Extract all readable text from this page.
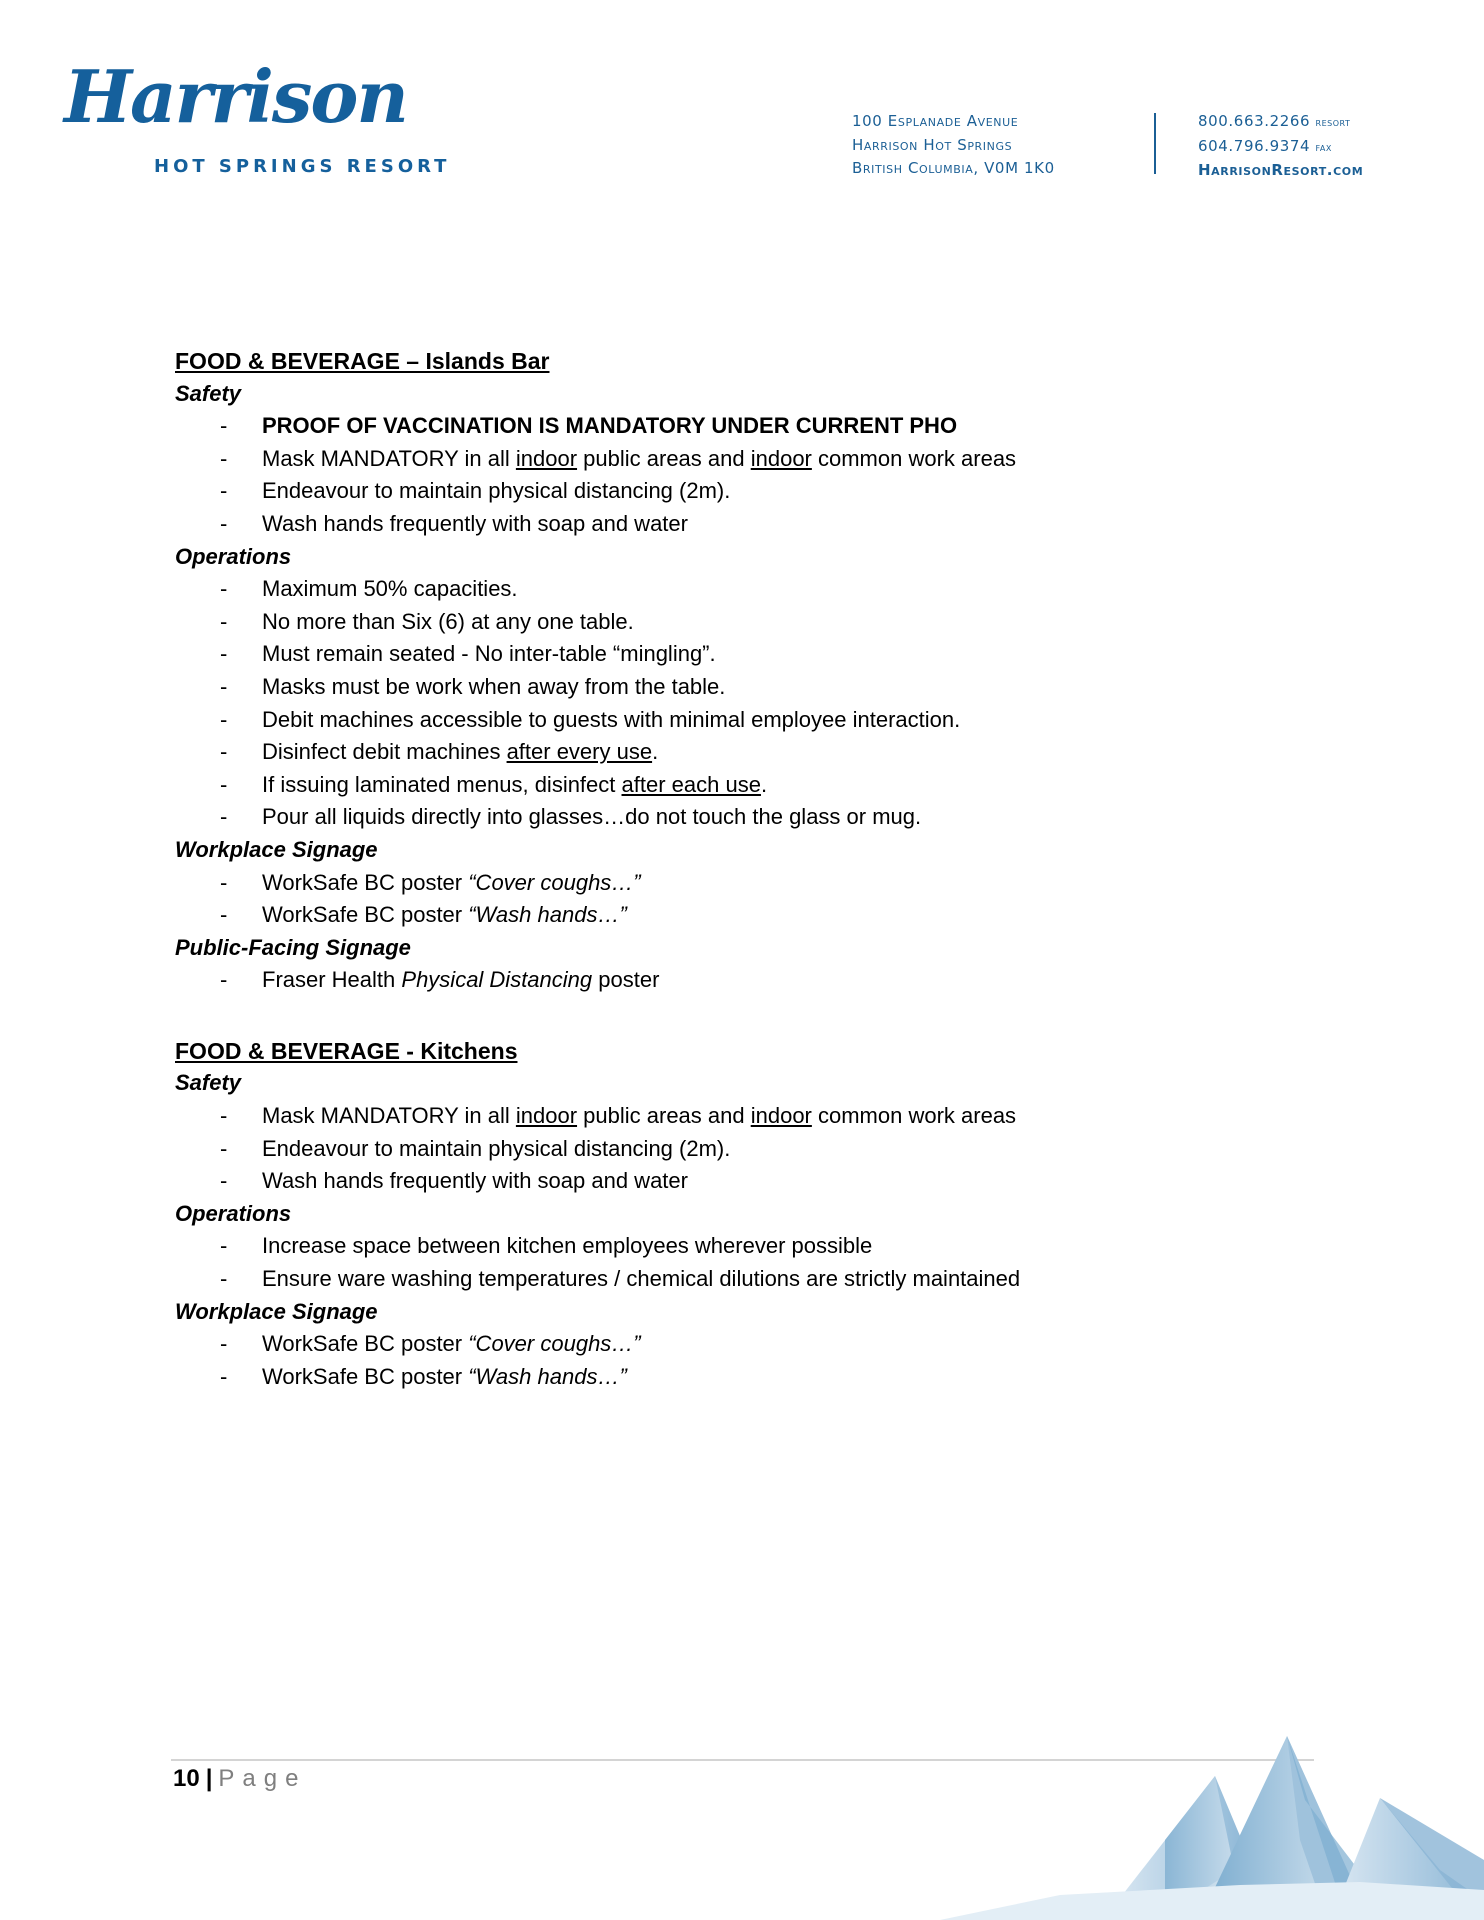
Harrison
HOT SPRINGS RESORT
100 Esplanade Avenue
Harrison Hot Springs
British Columbia, V0M 1K0
800.663.2266 resort
604.796.9374 fax
HarrisonResort.com
FOOD & BEVERAGE – Islands Bar
Safety
- PROOF OF VACCINATION IS MANDATORY UNDER CURRENT PHO
- Mask MANDATORY in all indoor public areas and indoor common work areas
- Endeavour to maintain physical distancing (2m).
- Wash hands frequently with soap and water
Operations
- Maximum 50% capacities.
- No more than Six (6) at any one table.
- Must remain seated - No inter-table “mingling”.
- Masks must be work when away from the table.
- Debit machines accessible to guests with minimal employee interaction.
- Disinfect debit machines after every use.
- If issuing laminated menus, disinfect after each use.
- Pour all liquids directly into glasses…do not touch the glass or mug.
Workplace Signage
- WorkSafe BC poster “Cover coughs…”
- WorkSafe BC poster “Wash hands…”
Public-Facing Signage
- Fraser Health Physical Distancing poster
FOOD & BEVERAGE - Kitchens
Safety
- Mask MANDATORY in all indoor public areas and indoor common work areas
- Endeavour to maintain physical distancing (2m).
- Wash hands frequently with soap and water
Operations
- Increase space between kitchen employees wherever possible
- Ensure ware washing temperatures / chemical dilutions are strictly maintained
Workplace Signage
- WorkSafe BC poster “Cover coughs…”
- WorkSafe BC poster “Wash hands…”
10 | Page
